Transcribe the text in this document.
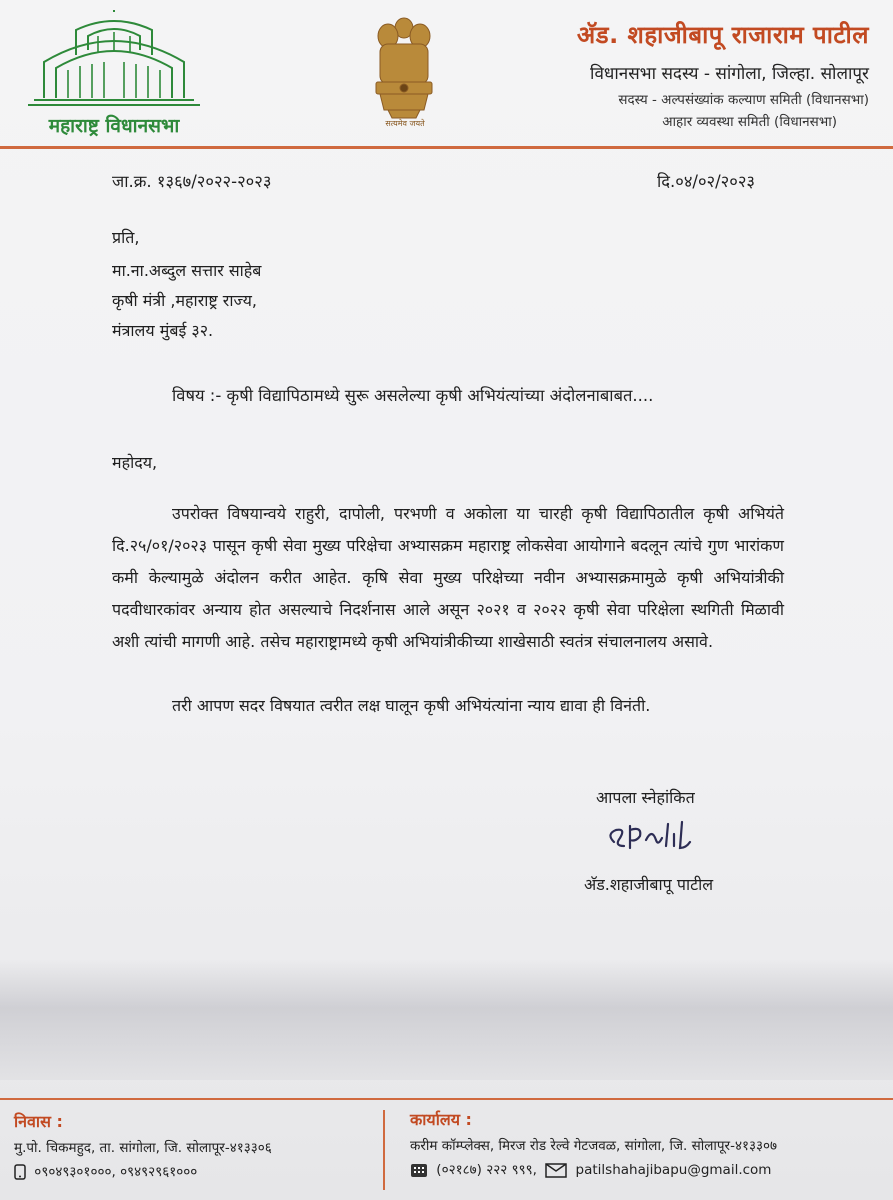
महाराष्ट्र विधानसभा	सत्यमेव जयते
अ‍ॅड. शहाजीबापू राजाराम पाटील
विधानसभा सदस्य - सांगोला, जिल्हा. सोलापूर
सदस्य - अल्पसंख्यांक कल्याण समिती (विधानसभा)
आहार व्यवस्था समिती (विधानसभा)
जा.क्र. १३६७/२०२२-२०२३	दि.०४/०२/२०२३
प्रति,
मा.ना.अब्दुल सत्तार साहेब
कृषी मंत्री ,महाराष्ट्र राज्य,
मंत्रालय मुंबई ३२.
विषय :- कृषी विद्यापिठामध्ये सुरू असलेल्या कृषी अभियंत्यांच्या अंदोलनाबाबत....
महोदय,
उपरोक्त विषयान्वये राहुरी, दापोली, परभणी व अकोला या चारही कृषी विद्यापिठातील कृषी अभियंते दि.२५/०१/२०२३ पासून कृषी सेवा मुख्य परिक्षेचा अभ्यासक्रम महाराष्ट्र लोकसेवा आयोगाने बदलून त्यांचे गुण भारांकण कमी केल्यामुळे अंदोलन करीत आहेत. कृषि सेवा मुख्य परिक्षेच्या नवीन अभ्यासक्रमामुळे कृषी अभियांत्रीकी पदवीधारकांवर अन्याय होत असल्याचे निदर्शनास आले असून २०२१ व २०२२ कृषी सेवा परिक्षेला स्थगिती मिळावी अशी त्यांची मागणी आहे. तसेच महाराष्ट्रामध्ये कृषी अभियांत्रीकीच्या शाखेसाठी स्वतंत्र संचालनालय असावे.
तरी आपण सदर विषयात त्वरीत लक्ष घालून कृषी अभियंत्यांना न्याय द्यावा ही विनंती.
आपला स्नेहांकित
अ‍ॅड.शहाजीबापू पाटील
निवास :
मु.पो. चिकमहुद, ता. सांगोला, जि. सोलापूर-४१३३०६
०९०४९३०१०००, ०९४९२९६१०००
कार्यालय :
करीम कॉम्प्लेक्स, मिरज रोड रेल्वे गेटजवळ, सांगोला, जि. सोलापूर-४१३३०७
(०२१८७) २२२ ९९९,	patilshahajibapu@gmail.com
